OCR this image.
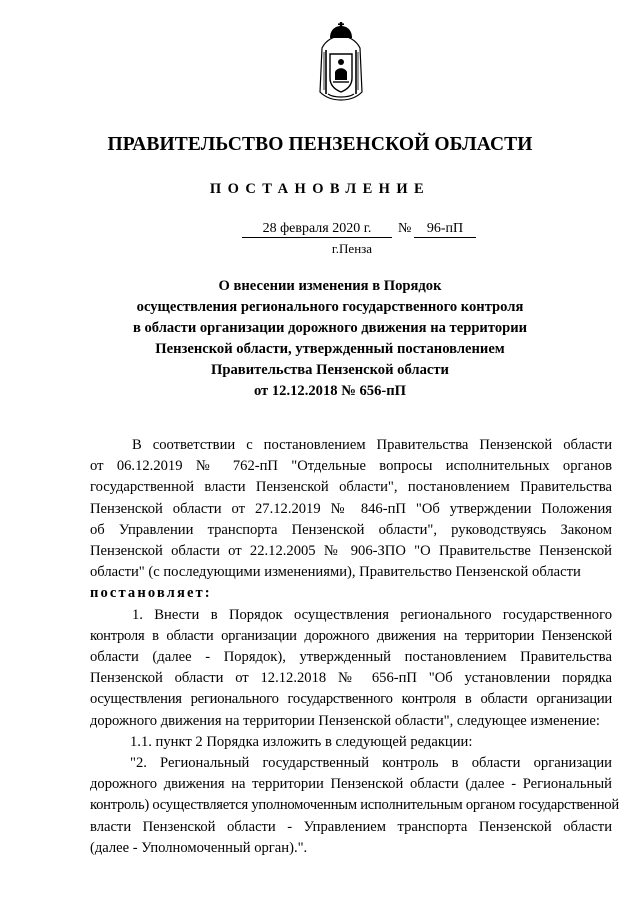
ПРАВИТЕЛЬСТВО ПЕНЗЕНСКОЙ ОБЛАСТИ
ПОСТАНОВЛЕНИЕ
28 февраля 2020 г.	№	96-пП
г.Пенза
О внесении изменения в Порядок
осуществления регионального государственного контроля
в области организации дорожного движения на территории
Пензенской области, утвержденный постановлением
Правительства Пензенской области
от 12.12.2018 № 656-пП
В соответствии с постановлением Правительства Пензенской области
от 06.12.2019 № 762-пП "Отдельные вопросы исполнительных органов
государственной власти Пензенской области", постановлением Правительства
Пензенской области от 27.12.2019 № 846-пП "Об утверждении Положения
об Управлении транспорта Пензенской области", руководствуясь Законом
Пензенской области от 22.12.2005 № 906-ЗПО "О Правительстве Пензенской
области" (с последующими изменениями), Правительство Пензенской области
постановляет:
1. Внести в Порядок осуществления регионального государственного
контроля в области организации дорожного движения на территории Пензенской
области (далее - Порядок), утвержденный постановлением Правительства
Пензенской области от 12.12.2018 № 656-пП "Об установлении порядка
осуществления регионального государственного контроля в области организации
дорожного движения на территории Пензенской области", следующее изменение:
1.1. пункт 2 Порядка изложить в следующей редакции:
"2. Региональный государственный контроль в области организации
дорожного движения на территории Пензенской области (далее - Региональный
контроль) осуществляется уполномоченным исполнительным органом государственной
власти Пензенской области - Управлением транспорта Пензенской области
(далее - Уполномоченный орган).".
